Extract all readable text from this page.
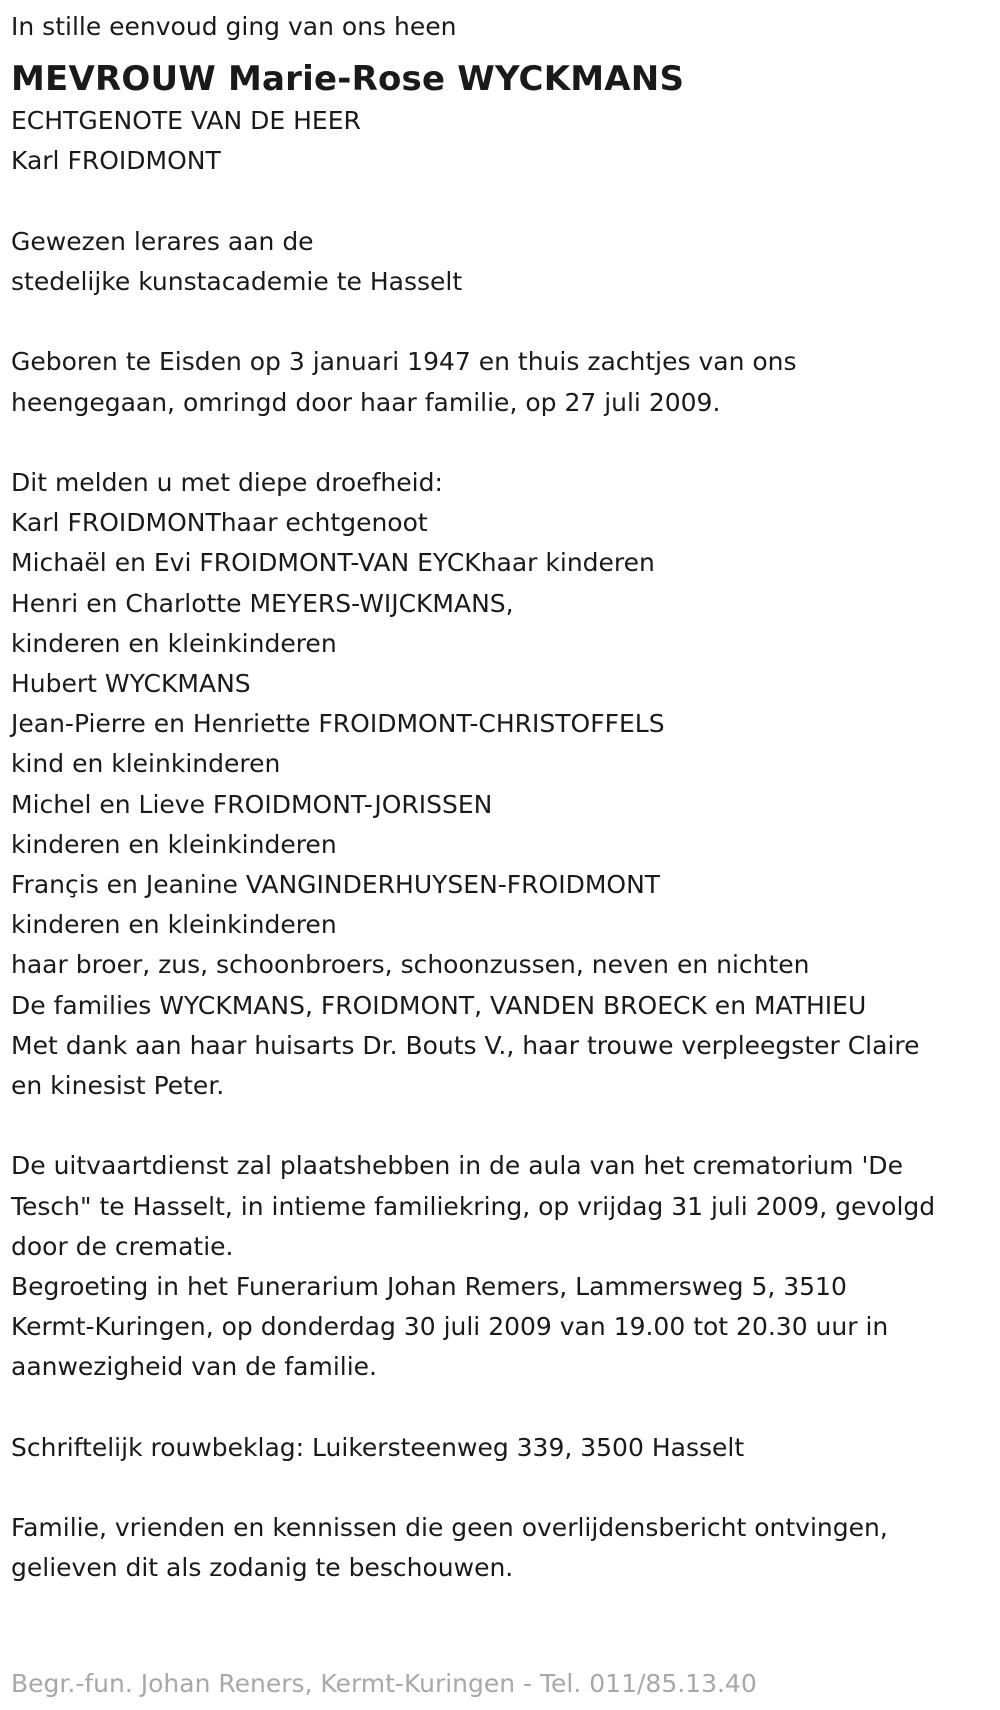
In stille eenvoud ging van ons heen
MEVROUW Marie-Rose WYCKMANS
ECHTGENOTE VAN DE HEER
Karl FROIDMONT
Gewezen lerares aan de
stedelijke kunstacademie te Hasselt
Geboren te Eisden op 3 januari 1947 en thuis zachtjes van ons
heengegaan, omringd door haar familie, op 27 juli 2009.
Dit melden u met diepe droefheid:
Karl FROIDMONThaar echtgenoot
Michaël en Evi FROIDMONT-VAN EYCKhaar kinderen
Henri en Charlotte MEYERS-WIJCKMANS,
kinderen en kleinkinderen
Hubert WYCKMANS
Jean-Pierre en Henriette FROIDMONT-CHRISTOFFELS
kind en kleinkinderen
Michel en Lieve FROIDMONT-JORISSEN
kinderen en kleinkinderen
Françis en Jeanine VANGINDERHUYSEN-FROIDMONT
kinderen en kleinkinderen
haar broer, zus, schoonbroers, schoonzussen, neven en nichten
De families WYCKMANS, FROIDMONT, VANDEN BROECK en MATHIEU
Met dank aan haar huisarts Dr. Bouts V., haar trouwe verpleegster Claire
en kinesist Peter.
De uitvaartdienst zal plaatshebben in de aula van het crematorium 'De
Tesch" te Hasselt, in intieme familiekring, op vrijdag 31 juli 2009, gevolgd
door de crematie.
Begroeting in het Funerarium Johan Remers, Lammersweg 5, 3510
Kermt-Kuringen, op donderdag 30 juli 2009 van 19.00 tot 20.30 uur in
aanwezigheid van de familie.
Schriftelijk rouwbeklag: Luikersteenweg 339, 3500 Hasselt
Familie, vrienden en kennissen die geen overlijdensbericht ontvingen,
gelieven dit als zodanig te beschouwen.
Begr.-fun. Johan Reners, Kermt-Kuringen - Tel. 011/85.13.40
